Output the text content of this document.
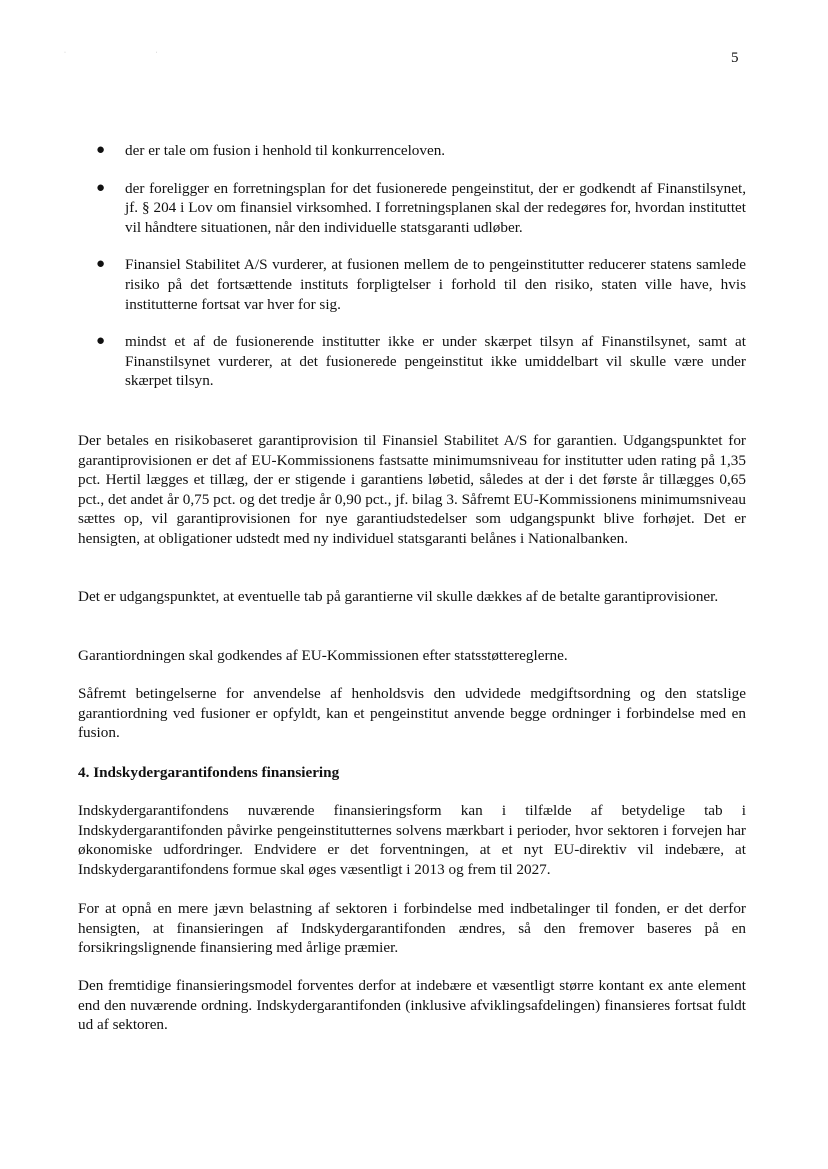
· ·	5
● der er tale om fusion i henhold til konkurrenceloven.
● der foreligger en forretningsplan for det fusionerede pengeinstitut, der er godkendt af Finanstilsynet, jf. § 204 i Lov om finansiel virksomhed. I forretningsplanen skal der redegøres for, hvordan instituttet vil håndtere situationen, når den individuelle statsgaranti udløber.
● Finansiel Stabilitet A/S vurderer, at fusionen mellem de to pengeinstitutter reducerer statens samlede risiko på det fortsættende instituts forpligtelser i forhold til den risiko, staten ville have, hvis institutterne fortsat var hver for sig.
● mindst et af de fusionerende institutter ikke er under skærpet tilsyn af Finanstilsynet, samt at Finanstilsynet vurderer, at det fusionerede pengeinstitut ikke umiddelbart vil skulle være under skærpet tilsyn.

Der betales en risikobaseret garantiprovision til Finansiel Stabilitet A/S for garantien. Udgangspunktet for garantiprovisionen er det af EU-Kommissionens fastsatte minimumsniveau for institutter uden rating på 1,35 pct. Hertil lægges et tillæg, der er stigende i garantiens løbetid, således at der i det første år tillægges 0,65 pct., det andet år 0,75 pct. og det tredje år 0,90 pct., jf. bilag 3. Såfremt EU-Kommissionens minimumsniveau sættes op, vil garantiprovisionen for nye garantiudstedelser som udgangspunkt blive forhøjet. Det er hensigten, at obligationer udstedt med ny individuel statsgaranti belånes i Nationalbanken.

Det er udgangspunktet, at eventuelle tab på garantierne vil skulle dækkes af de betalte garantiprovisioner.

Garantiordningen skal godkendes af EU-Kommissionen efter statsstøttereglerne.

Såfremt betingelserne for anvendelse af henholdsvis den udvidede medgiftsordning og den statslige garantiordning ved fusioner er opfyldt, kan et pengeinstitut anvende begge ordninger i forbindelse med en fusion.

4. Indskydergarantifondens finansiering

Indskydergarantifondens nuværende finansieringsform kan i tilfælde af betydelige tab i Indskydergarantifonden påvirke pengeinstitutternes solvens mærkbart i perioder, hvor sektoren i forvejen har økonomiske udfordringer. Endvidere er det forventningen, at et nyt EU-direktiv vil indebære, at Indskydergarantifondens formue skal øges væsentligt i 2013 og frem til 2027.

For at opnå en mere jævn belastning af sektoren i forbindelse med indbetalinger til fonden, er det derfor hensigten, at finansieringen af Indskydergarantifonden ændres, så den fremover baseres på en forsikringslignende finansiering med årlige præmier.

Den fremtidige finansieringsmodel forventes derfor at indebære et væsentligt større kontant ex ante element end den nuværende ordning. Indskydergarantifonden (inklusive afviklingsafdelingen) finansieres fortsat fuldt ud af sektoren.
